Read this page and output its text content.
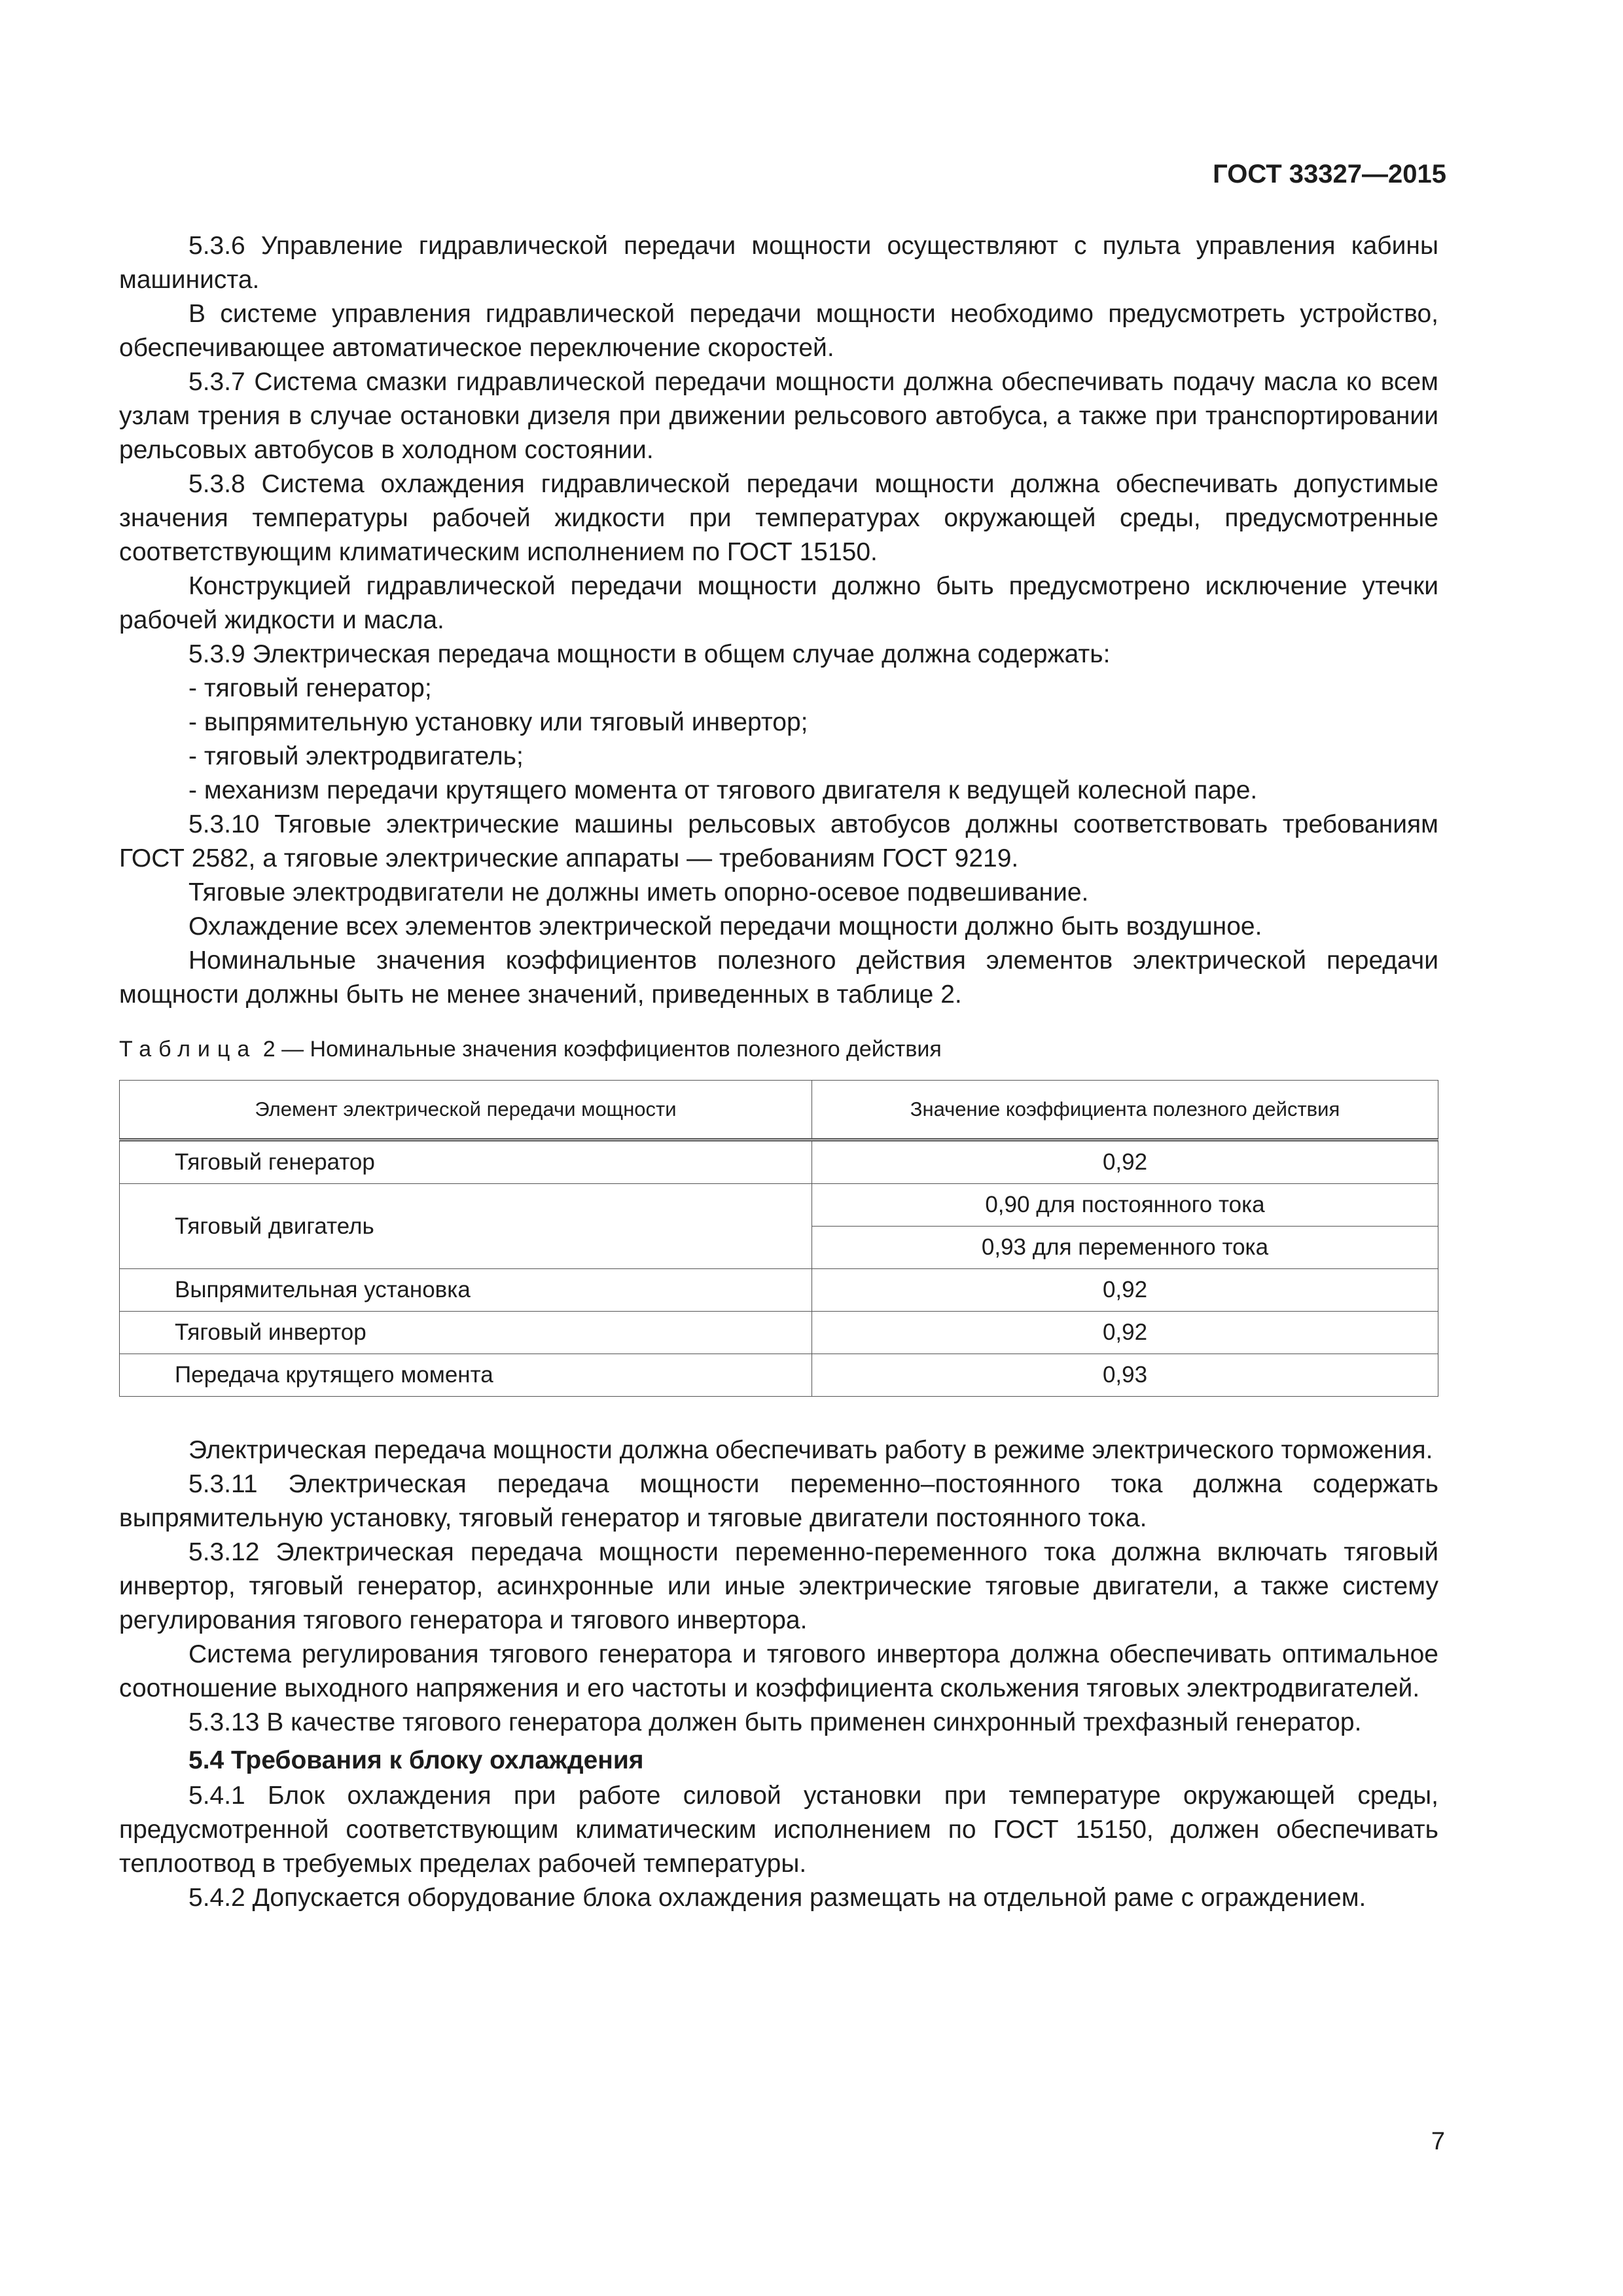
ГОСТ 33327—2015

5.3.6 Управление гидравлической передачи мощности осуществляют с пульта управления кабины машиниста.

В системе управления гидравлической передачи мощности необходимо предусмотреть устройство, обеспечивающее автоматическое переключение скоростей.

5.3.7 Система смазки гидравлической передачи мощности должна обеспечивать подачу масла ко всем узлам трения в случае остановки дизеля при движении рельсового автобуса, а также при транспортировании рельсовых автобусов в холодном состоянии.

5.3.8 Система охлаждения гидравлической передачи мощности должна обеспечивать допустимые значения температуры рабочей жидкости при температурах окружающей среды, предусмотренные соответствующим климатическим исполнением по ГОСТ 15150.

Конструкцией гидравлической передачи мощности должно быть предусмотрено исключение утечки рабочей жидкости и масла.

5.3.9 Электрическая передача мощности в общем случае должна содержать:

- тяговый генератор;

- выпрямительную установку или тяговый инвертор;

- тяговый электродвигатель;

- механизм передачи крутящего момента от тягового двигателя к ведущей колесной паре.

5.3.10 Тяговые электрические машины рельсовых автобусов должны соответствовать требованиям ГОСТ 2582, а тяговые электрические аппараты — требованиям ГОСТ 9219.

Тяговые электродвигатели не должны иметь опорно-осевое подвешивание.

Охлаждение всех элементов электрической передачи мощности должно быть воздушное.

Номинальные значения коэффициентов полезного действия элементов электрической передачи мощности должны быть не менее значений, приведенных в таблице 2.

Таблица 2 — Номинальные значения коэффициентов полезного действия
Элемент электрической передачи мощности	Значение коэффициента полезного действия
Тяговый генератор	0,92
Тяговый двигатель	0,90 для постоянного тока
	0,93 для переменного тока
Выпрямительная установка	0,92
Тяговый инвертор	0,92
Передача крутящего момента	0,93

Электрическая передача мощности должна обеспечивать работу в режиме электрического торможения.

5.3.11 Электрическая передача мощности переменно–постоянного тока должна содержать выпрямительную установку, тяговый генератор и тяговые двигатели постоянного тока.

5.3.12 Электрическая передача мощности переменно-переменного тока должна включать тяговый инвертор, тяговый генератор, асинхронные или иные электрические тяговые двигатели, а также систему регулирования тягового генератора и тягового инвертора.

Система регулирования тягового генератора и тягового инвертора должна обеспечивать оптимальное соотношение выходного напряжения и его частоты и коэффициента скольжения тяговых электродвигателей.

5.3.13 В качестве тягового генератора должен быть применен синхронный трехфазный генератор.

5.4 Требования к блоку охлаждения

5.4.1 Блок охлаждения при работе силовой установки при температуре окружающей среды, предусмотренной соответствующим климатическим исполнением по ГОСТ 15150, должен обеспечивать теплоотвод в требуемых пределах рабочей температуры.

5.4.2 Допускается оборудование блока охлаждения размещать на отдельной раме с ограждением.

7
